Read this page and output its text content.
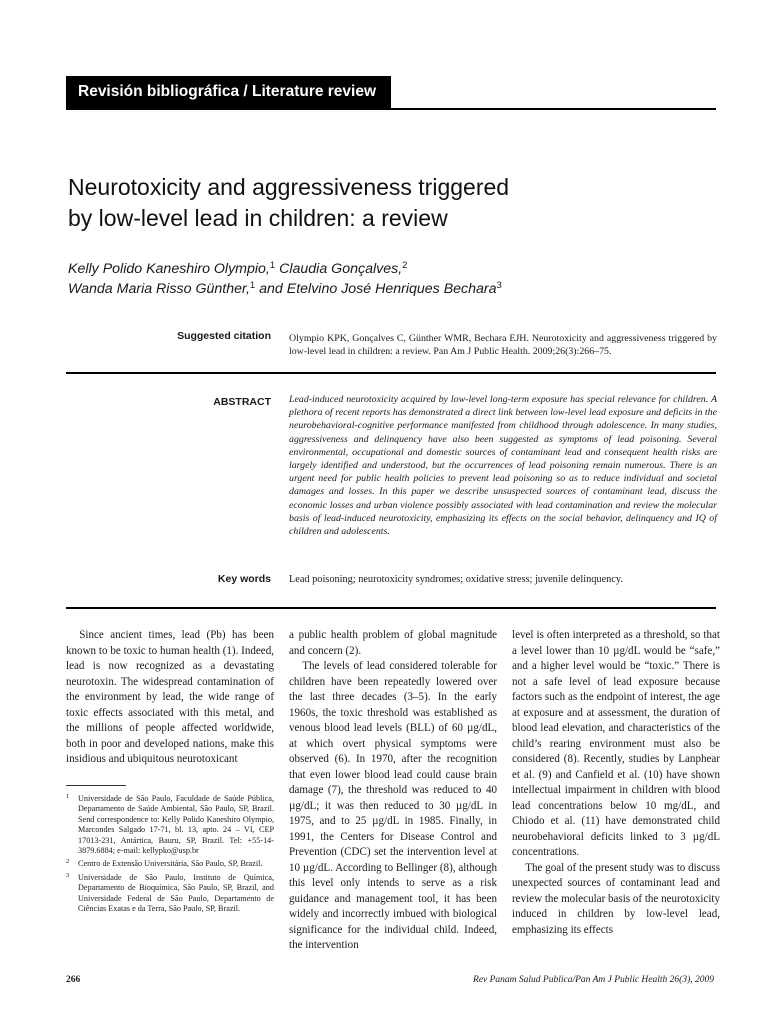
Revisión bibliográfica / Literature review
Neurotoxicity and aggressiveness triggered
by low-level lead in children: a review
Kelly Polido Kaneshiro Olympio,$^1$ Claudia Gonçalves,$^2$
Wanda Maria Risso Günther,$^1$ and Etelvino José Henriques Bechara$^3$
Suggested citation Olympio KPK, Gonçalves C, Günther WMR, Bechara EJH. Neurotoxicity and aggressiveness triggered by low-level lead in children: a review. Pan Am J Public Health. 2009;26(3):266–75.
ABSTRACT Lead-induced neurotoxicity acquired by low-level long-term exposure has special relevance for children. A plethora of recent reports has demonstrated a direct link between low-level lead exposure and deficits in the neurobehavioral-cognitive performance manifested from childhood through adolescence. In many studies, aggressiveness and delinquency have also been suggested as symptoms of lead poisoning. Several environmental, occupational and domestic sources of contaminant lead and consequent health risks are largely identified and understood, but the occurrences of lead poisoning remain numerous. There is an urgent need for public health policies to prevent lead poisoning so as to reduce individual and societal damages and losses. In this paper we describe unsuspected sources of contaminant lead, discuss the economic losses and urban violence possibly associated with lead contamination and review the molecular basis of lead-induced neurotoxicity, emphasizing its effects on the social behavior, delinquency and IQ of children and adolescents.
Key words Lead poisoning; neurotoxicity syndromes; oxidative stress; juvenile delinquency.

Since ancient times, lead (Pb) has been known to be toxic to human health (1). Indeed, lead is now recognized as a devastating neurotoxin. The widespread contamination of the environment by lead, the wide range of toxic effects associated with this metal, and the millions of people affected worldwide, both in poor and developed nations, make this insidious and ubiquitous neurotoxicant

a public health problem of global magnitude and concern (2).

The levels of lead considered tolerable for children have been repeatedly lowered over the last three decades (3–5). In the early 1960s, the toxic threshold was established as venous blood lead levels (BLL) of 60 µg/dL, at which overt physical symptoms were observed (6). In 1970, after the recognition that even lower blood lead could cause brain damage (7), the threshold was reduced to 40 µg/dL; it was then reduced to 30 µg/dL in 1975, and to 25 µg/dL in 1985. Finally, in 1991, the Centers for Disease Control and Prevention (CDC) set the intervention level at 10 µg/dL. According to Bellinger (8), although this level only intends to serve as a risk guidance and management tool, it has been widely and incorrectly imbued with biological significance for the individual child. Indeed, the intervention

level is often interpreted as a threshold, so that a level lower than 10 µg/dL would be “safe,” and a higher level would be “toxic.” There is not a safe level of lead exposure because factors such as the endpoint of interest, the age at exposure and at assessment, the duration of blood lead elevation, and characteristics of the child’s rearing environment must also be considered (8). Recently, studies by Lanphear et al. (9) and Canfield et al. (10) have shown intellectual impairment in children with blood lead concentrations below 10 mg/dL, and Chiodo et al. (11) have demonstrated child neurobehavioral deficits linked to 3 µg/dL concentrations.

The goal of the present study was to discuss unexpected sources of contaminant lead and review the molecular basis of the neurotoxicity induced in children by low-level lead, emphasizing its effects

1 Universidade de São Paulo, Faculdade de Saúde Pública, Departamento de Saúde Ambiental, São Paulo, SP, Brazil. Send correspondence to: Kelly Polido Kaneshiro Olympio, Marcondes Salgado 17-71, bl. 13, apto. 24 – VI, CEP 17013-231, Antártica, Bauru, SP, Brazil. Tel: +55-14-3879.6884; e-mail: kellypko@usp.br
2 Centro de Extensão Universitária, São Paulo, SP, Brazil.
3 Universidade de São Paulo, Instituto de Química, Departamento de Bioquímica, São Paulo, SP, Brazil, and Universidade Federal de São Paulo, Departamento de Ciências Exatas e da Terra, São Paulo, SP, Brazil.
266	Rev Panam Salud Publica/Pan Am J Public Health 26(3), 2009
